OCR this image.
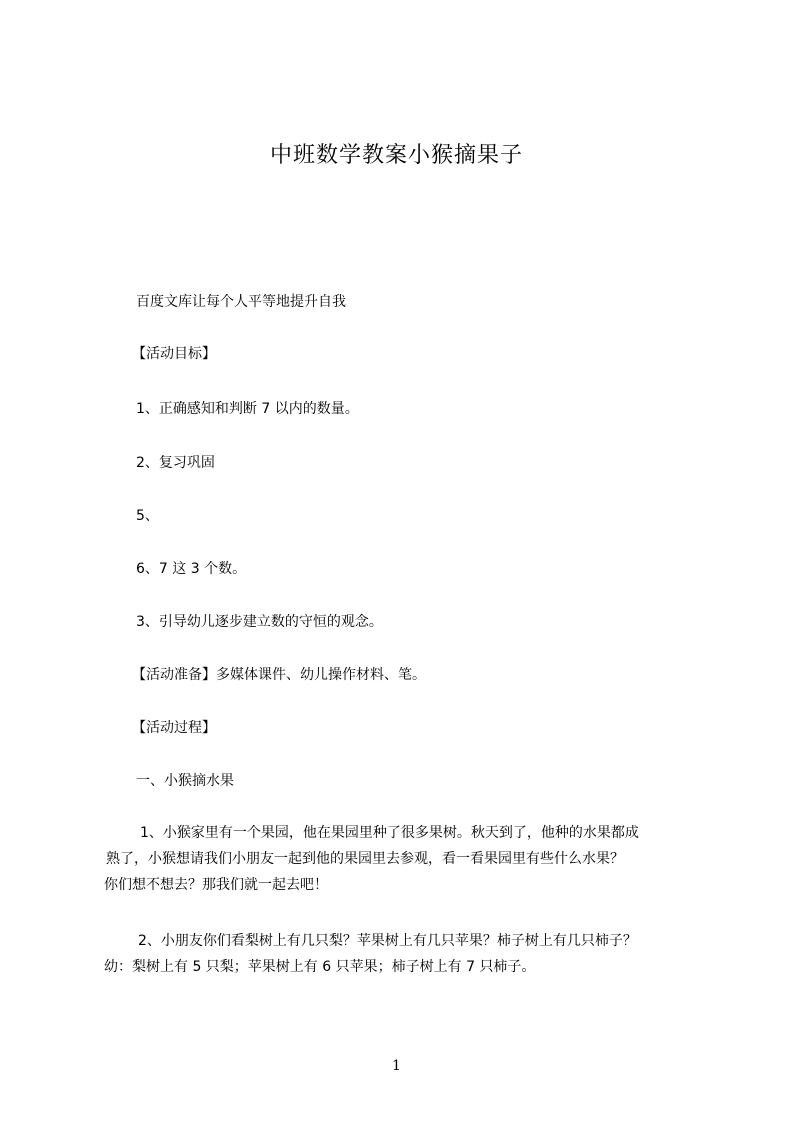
中班数学教案小猴摘果子
百度文库让每个人平等地提升自我
【活动目标】
1、正确感知和判断 7 以内的数量。
2、复习巩固
5、
6、7 这 3 个数。
3、引导幼儿逐步建立数的守恒的观念。
【活动准备】多媒体课件、幼儿操作材料、笔。
【活动过程】
一、小猴摘水果
1、小猴家里有一个果园，他在果园里种了很多果树。秋天到了，他种的水果都成
熟了，小猴想请我们小朋友一起到他的果园里去参观，看一看果园里有些什么水果？
你们想不想去？那我们就一起去吧！
2、小朋友你们看梨树上有几只梨？苹果树上有几只苹果？柿子树上有几只柿子？
幼：梨树上有 5 只梨；苹果树上有 6 只苹果；柿子树上有 7 只柿子。
1
